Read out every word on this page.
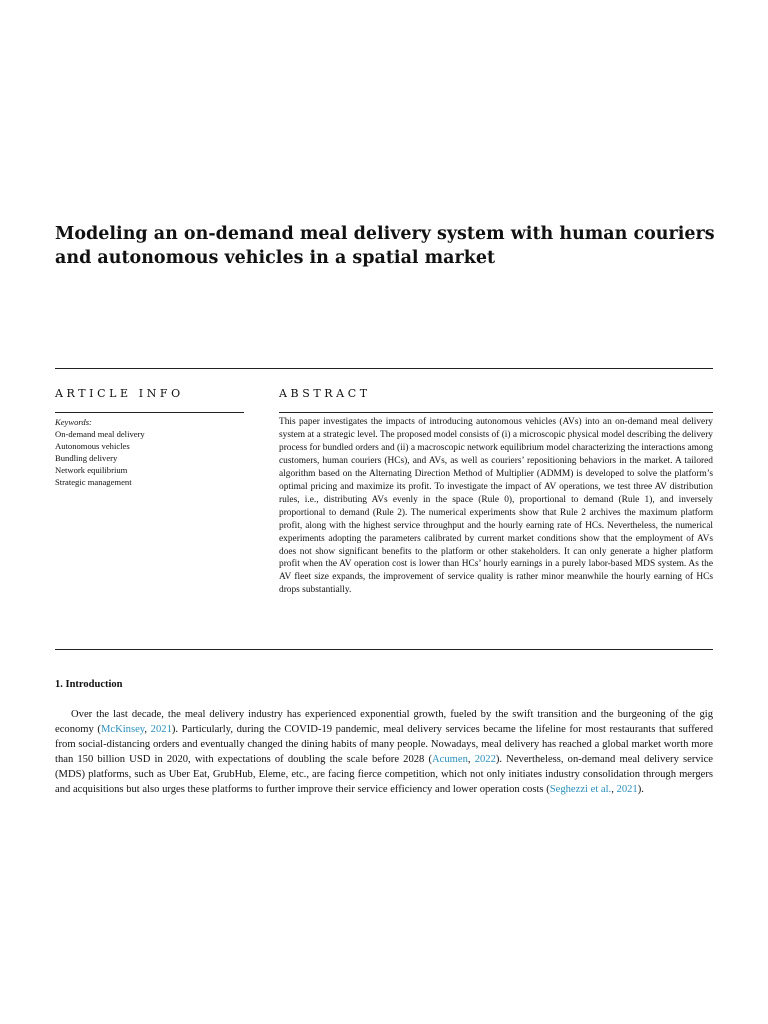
Modeling an on-demand meal delivery system with human couriers
and autonomous vehicles in a spatial market
ARTICLE INFO	ABSTRACT
Keywords:
On-demand meal delivery
Autonomous vehicles
Bundling delivery
Network equilibrium
Strategic management

This paper investigates the impacts of introducing autonomous vehicles (AVs) into an on-demand meal delivery system at a strategic level. The proposed model consists of (i) a microscopic physical model describing the delivery process for bundled orders and (ii) a macroscopic network equilibrium model characterizing the interactions among customers, human couriers (HCs), and AVs, as well as couriers’ repositioning behaviors in the market. A tailored algorithm based on the Alternating Direction Method of Multiplier (ADMM) is developed to solve the platform’s optimal pricing and maximize its profit. To investigate the impact of AV operations, we test three AV distribution rules, i.e., distributing AVs evenly in the space (Rule 0), proportional to demand (Rule 1), and inversely proportional to demand (Rule 2). The numerical experiments show that Rule 2 archives the maximum platform profit, along with the highest service throughput and the hourly earning rate of HCs. Nevertheless, the numerical experiments adopting the parameters calibrated by current market conditions show that the employment of AVs does not show significant benefits to the platform or other stakeholders. It can only generate a higher platform profit when the AV operation cost is lower than HCs’ hourly earnings in a purely labor-based MDS system. As the AV fleet size expands, the improvement of service quality is rather minor meanwhile the hourly earning of HCs drops substantially.

1. Introduction

Over the last decade, the meal delivery industry has experienced exponential growth, fueled by the swift transition and the burgeoning of the gig economy (McKinsey, 2021). Particularly, during the COVID-19 pandemic, meal delivery services became the lifeline for most restaurants that suffered from social-distancing orders and eventually changed the dining habits of many people. Nowadays, meal delivery has reached a global market worth more than 150 billion USD in 2020, with expectations of doubling the scale before 2028 (Acumen, 2022). Nevertheless, on-demand meal delivery service (MDS) platforms, such as Uber Eat, GrubHub, Eleme, etc., are facing fierce competition, which not only initiates industry consolidation through mergers and acquisitions but also urges these platforms to further improve their service efficiency and lower operation costs (Seghezzi et al., 2021).
